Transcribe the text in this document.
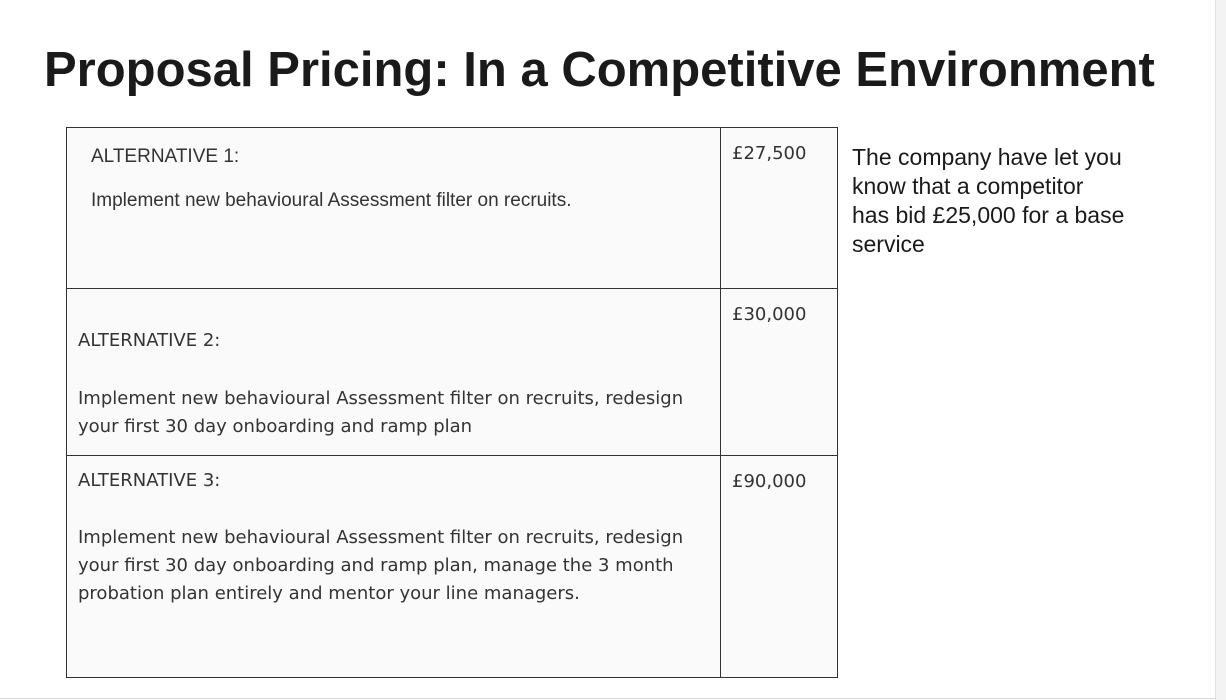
Proposal Pricing: In a Competitive Environment
ALTERNATIVE 1:
Implement new behavioural Assessment filter on recruits.	£27,500

ALTERNATIVE 2:
Implement new behavioural Assessment filter on recruits, redesign your first 30 day onboarding and ramp plan	£30,000

ALTERNATIVE 3:
Implement new behavioural Assessment filter on recruits, redesign your first 30 day onboarding and ramp plan, manage the 3 month probation plan entirely and mentor your line managers.	£90,000
The company have let you
know that a competitor
has bid £25,000 for a base
service
